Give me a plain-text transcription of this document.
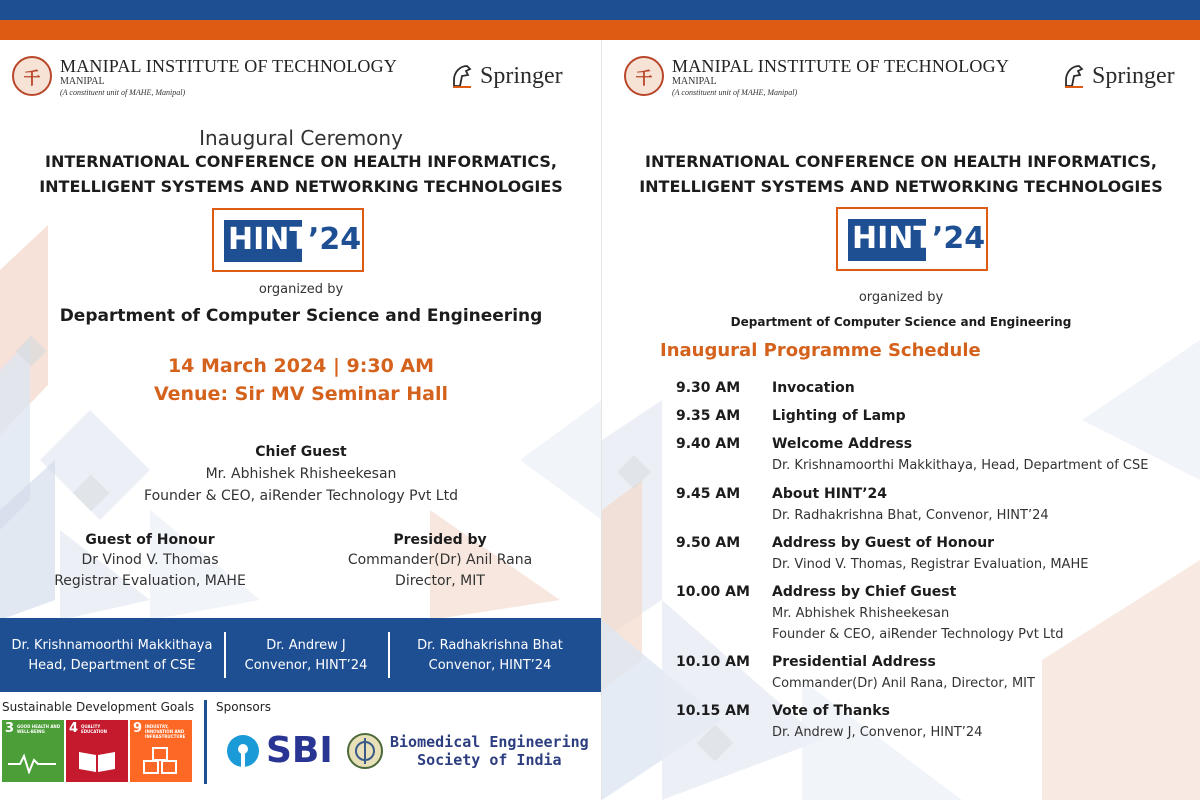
千
MANIPAL INSTITUTE OF TECHNOLOGY
MANIPAL
(A constituent unit of MAHE, Manipal)
Springer
Inaugural Ceremony
INTERNATIONAL CONFERENCE ON HEALTH INFORMATICS,
INTELLIGENT SYSTEMS AND NETWORKING TECHNOLOGIES
HINT
’24
organized by
Department of Computer Science and Engineering
14 March 2024 | 9:30 AM
Venue: Sir MV Seminar Hall
Chief Guest
Mr. Abhishek Rhisheekesan
Founder & CEO, aiRender Technology Pvt Ltd
Guest of Honour
Dr Vinod V. Thomas
Registrar Evaluation, MAHE
Presided by
Commander(Dr) Anil Rana
Director, MIT
Dr. Krishnamoorthi Makkithaya
Head, Department of CSE
Dr. Andrew J
Convenor, HINT’24
Dr. Radhakrishna Bhat
Convenor, HINT’24
Sustainable Development Goals
3 GOOD HEALTH AND WELL-BEING	4 QUALITY EDUCATION	9 INDUSTRY, INNOVATION AND INFRASTRUCTURE
Sponsors
SBI	Biomedical Engineering
Society of India
千
MANIPAL INSTITUTE OF TECHNOLOGY
MANIPAL
(A constituent unit of MAHE, Manipal)
Springer
INTERNATIONAL CONFERENCE ON HEALTH INFORMATICS,
INTELLIGENT SYSTEMS AND NETWORKING TECHNOLOGIES
HINT
’24
organized by
Department of Computer Science and Engineering
Inaugural Programme Schedule
9.30 AM Invocation
9.35 AM Lighting of Lamp
9.40 AM Welcome Address
Dr. Krishnamoorthi Makkithaya, Head, Department of CSE
9.45 AM About HINT’24
Dr. Radhakrishna Bhat, Convenor, HINT’24
9.50 AM Address by Guest of Honour
Dr. Vinod V. Thomas, Registrar Evaluation, MAHE
10.00 AM Address by Chief Guest
Mr. Abhishek Rhisheekesan
Founder & CEO, aiRender Technology Pvt Ltd
10.10 AM Presidential Address
Commander(Dr) Anil Rana, Director, MIT
10.15 AM Vote of Thanks
Dr. Andrew J, Convenor, HINT’24
